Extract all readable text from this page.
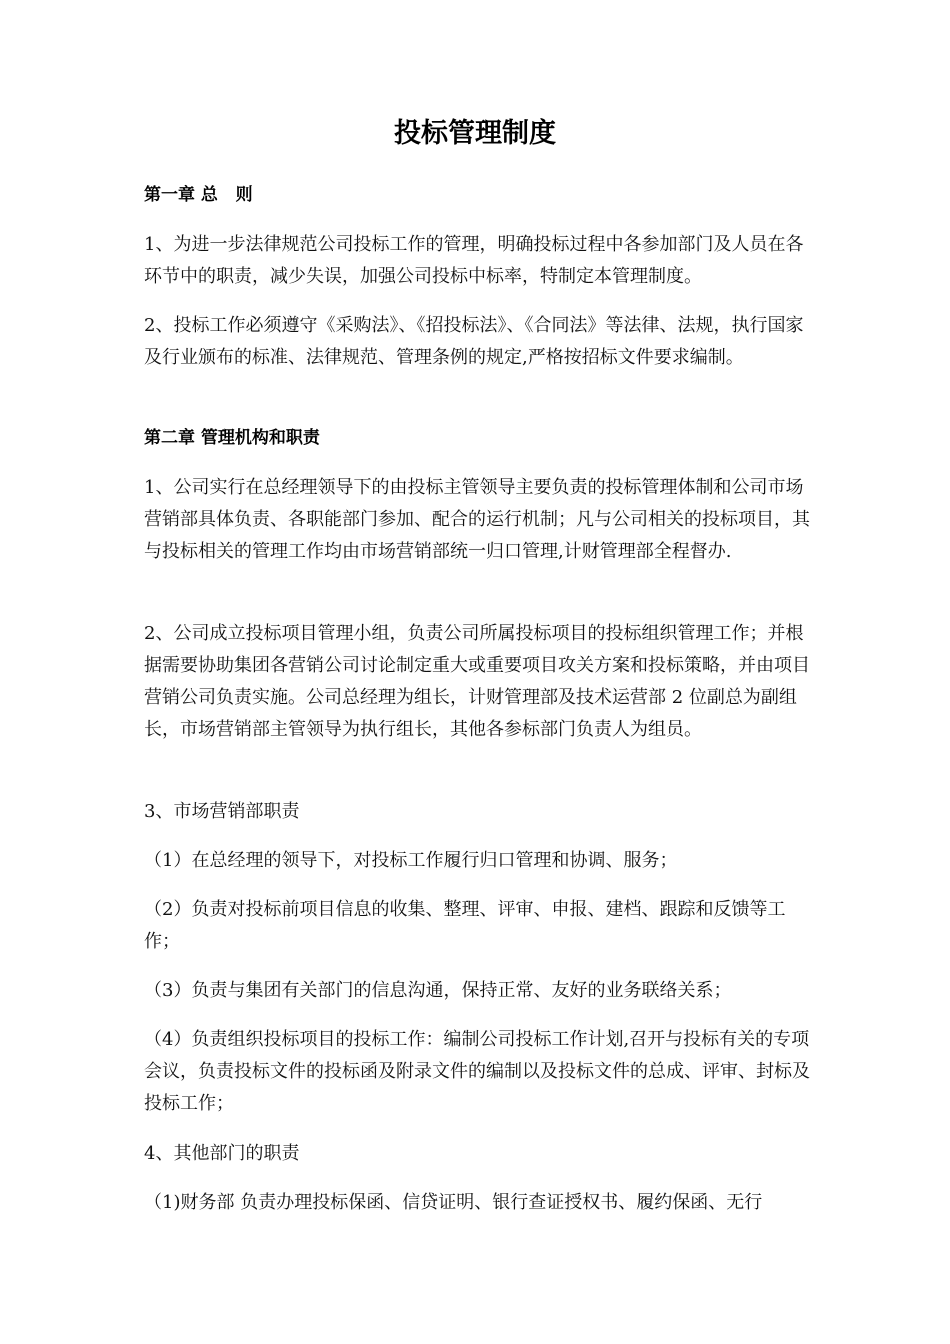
投标管理制度
第一章 总   则

1、为进一步法律规范公司投标工作的管理，明确投标过程中各参加部门及人员在各环节中的职责，减少失误，加强公司投标中标率，特制定本管理制度。

2、投标工作必须遵守《采购法》、《招投标法》、《合同法》等法律、法规，执行国家及行业颁布的标准、法律规范、管理条例的规定,严格按招标文件要求编制。

第二章 管理机构和职责

1、公司实行在总经理领导下的由投标主管领导主要负责的投标管理体制和公司市场营销部具体负责、各职能部门参加、配合的运行机制；凡与公司相关的投标项目，其与投标相关的管理工作均由市场营销部统一归口管理,计财管理部全程督办.

2、公司成立投标项目管理小组，负责公司所属投标项目的投标组织管理工作；并根据需要协助集团各营销公司讨论制定重大或重要项目攻关方案和投标策略，并由项目营销公司负责实施。公司总经理为组长，计财管理部及技术运营部 2 位副总为副组长，市场营销部主管领导为执行组长，其他各参标部门负责人为组员。

3、市场营销部职责

（1）在总经理的领导下，对投标工作履行归口管理和协调、服务；

（2）负责对投标前项目信息的收集、整理、评审、申报、建档、跟踪和反馈等工作；

（3）负责与集团有关部门的信息沟通，保持正常、友好的业务联络关系；

（4）负责组织投标项目的投标工作：编制公司投标工作计划,召开与投标有关的专项会议，负责投标文件的投标函及附录文件的编制以及投标文件的总成、评审、封标及投标工作；

4、其他部门的职责

（1)财务部 负责办理投标保函、信贷证明、银行查证授权书、履约保函、无行
